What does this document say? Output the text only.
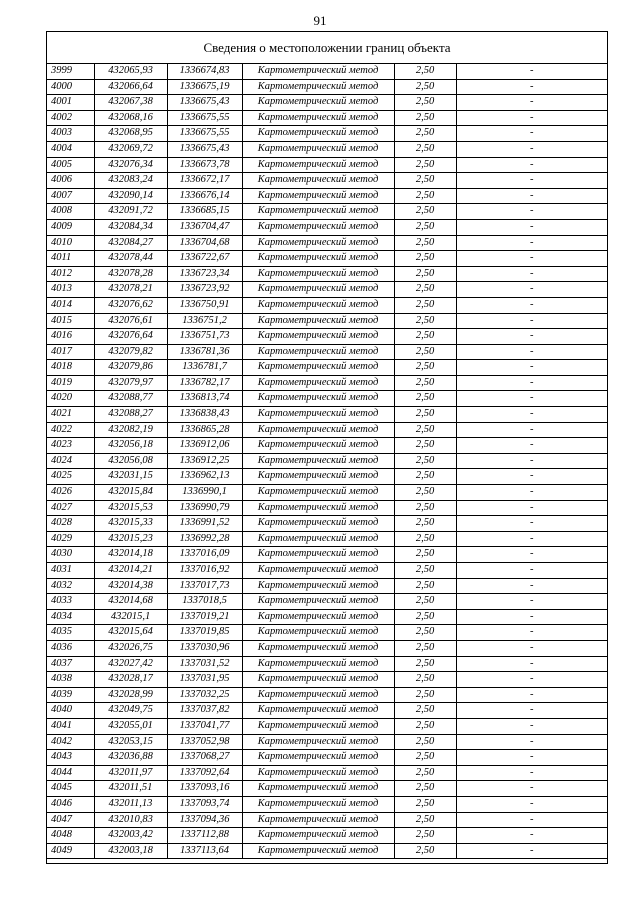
91
Сведения о местоположении границ объекта
3999	432065,93	1336674,83	Картометрический метод	2,50	-
4000	432066,64	1336675,19	Картометрический метод	2,50	-
4001	432067,38	1336675,43	Картометрический метод	2,50	-
4002	432068,16	1336675,55	Картометрический метод	2,50	-
4003	432068,95	1336675,55	Картометрический метод	2,50	-
4004	432069,72	1336675,43	Картометрический метод	2,50	-
4005	432076,34	1336673,78	Картометрический метод	2,50	-
4006	432083,24	1336672,17	Картометрический метод	2,50	-
4007	432090,14	1336676,14	Картометрический метод	2,50	-
4008	432091,72	1336685,15	Картометрический метод	2,50	-
4009	432084,34	1336704,47	Картометрический метод	2,50	-
4010	432084,27	1336704,68	Картометрический метод	2,50	-
4011	432078,44	1336722,67	Картометрический метод	2,50	-
4012	432078,28	1336723,34	Картометрический метод	2,50	-
4013	432078,21	1336723,92	Картометрический метод	2,50	-
4014	432076,62	1336750,91	Картометрический метод	2,50	-
4015	432076,61	1336751,2	Картометрический метод	2,50	-
4016	432076,64	1336751,73	Картометрический метод	2,50	-
4017	432079,82	1336781,36	Картометрический метод	2,50	-
4018	432079,86	1336781,7	Картометрический метод	2,50	-
4019	432079,97	1336782,17	Картометрический метод	2,50	-
4020	432088,77	1336813,74	Картометрический метод	2,50	-
4021	432088,27	1336838,43	Картометрический метод	2,50	-
4022	432082,19	1336865,28	Картометрический метод	2,50	-
4023	432056,18	1336912,06	Картометрический метод	2,50	-
4024	432056,08	1336912,25	Картометрический метод	2,50	-
4025	432031,15	1336962,13	Картометрический метод	2,50	-
4026	432015,84	1336990,1	Картометрический метод	2,50	-
4027	432015,53	1336990,79	Картометрический метод	2,50	-
4028	432015,33	1336991,52	Картометрический метод	2,50	-
4029	432015,23	1336992,28	Картометрический метод	2,50	-
4030	432014,18	1337016,09	Картометрический метод	2,50	-
4031	432014,21	1337016,92	Картометрический метод	2,50	-
4032	432014,38	1337017,73	Картометрический метод	2,50	-
4033	432014,68	1337018,5	Картометрический метод	2,50	-
4034	432015,1	1337019,21	Картометрический метод	2,50	-
4035	432015,64	1337019,85	Картометрический метод	2,50	-
4036	432026,75	1337030,96	Картометрический метод	2,50	-
4037	432027,42	1337031,52	Картометрический метод	2,50	-
4038	432028,17	1337031,95	Картометрический метод	2,50	-
4039	432028,99	1337032,25	Картометрический метод	2,50	-
4040	432049,75	1337037,82	Картометрический метод	2,50	-
4041	432055,01	1337041,77	Картометрический метод	2,50	-
4042	432053,15	1337052,98	Картометрический метод	2,50	-
4043	432036,88	1337068,27	Картометрический метод	2,50	-
4044	432011,97	1337092,64	Картометрический метод	2,50	-
4045	432011,51	1337093,16	Картометрический метод	2,50	-
4046	432011,13	1337093,74	Картометрический метод	2,50	-
4047	432010,83	1337094,36	Картометрический метод	2,50	-
4048	432003,42	1337112,88	Картометрический метод	2,50	-
4049	432003,18	1337113,64	Картометрический метод	2,50	-
